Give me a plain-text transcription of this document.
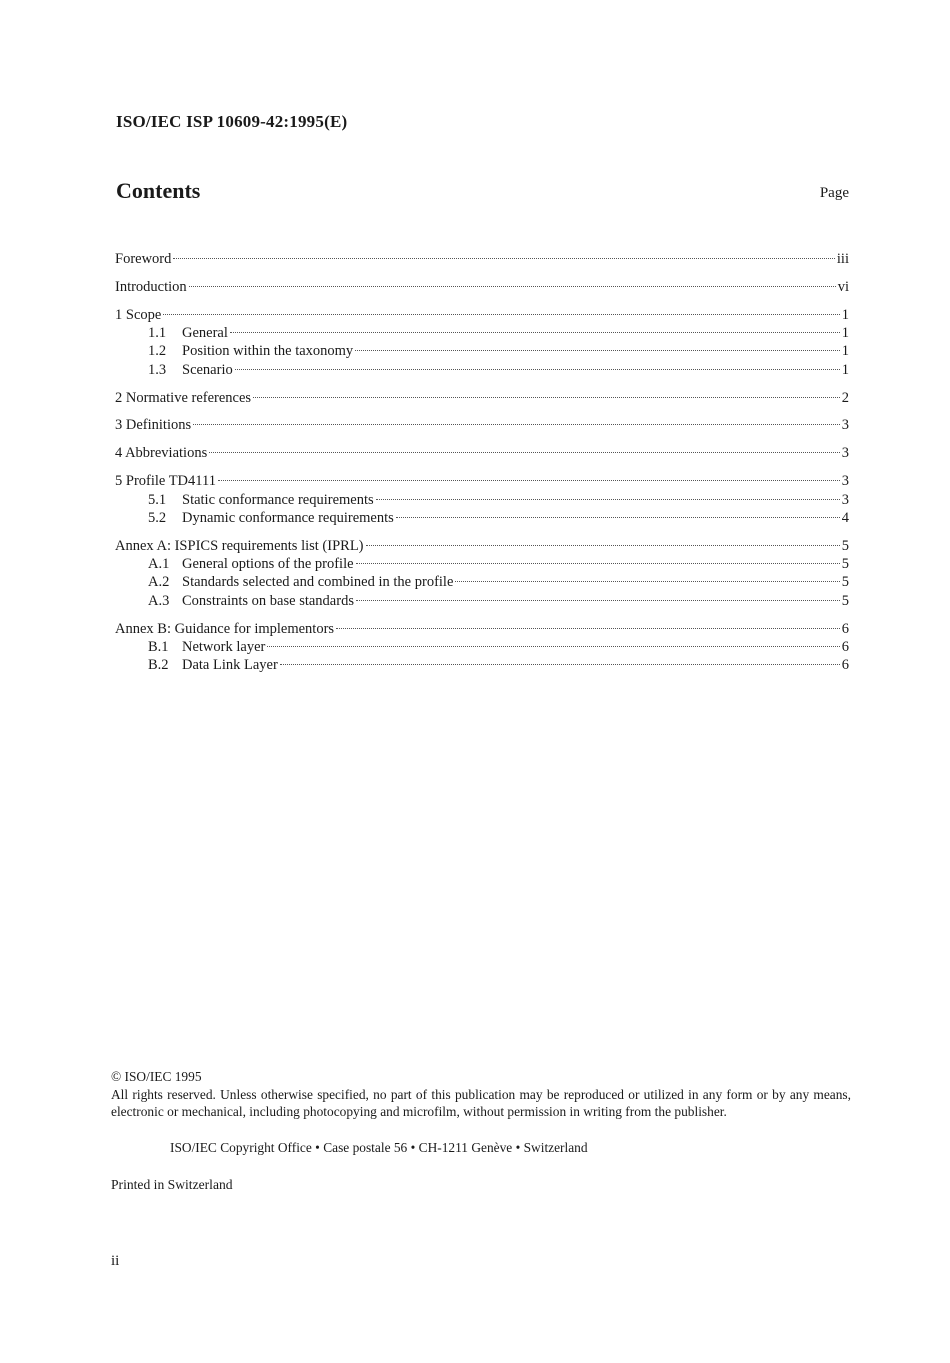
ISO/IEC ISP 10609-42:1995(E)
Contents	Page
Foreword	iii
Introduction	vi
1 Scope	1
1.1	General	1
1.2	Position within the taxonomy	1
1.3	Scenario	1
2 Normative references	2
3 Definitions	3
4 Abbreviations	3
5 Profile TD4111	3
5.1	Static conformance requirements	3
5.2	Dynamic conformance requirements	4
Annex A: ISPICS requirements list (IPRL)	5
A.1 General options of the profile	5
A.2 Standards selected and combined in the profile	5
A.3 Constraints on base standards	5
Annex B: Guidance for implementors	6
B.1 Network layer	6
B.2 Data Link Layer	6
© ISO/IEC 1995
All rights reserved. Unless otherwise specified, no part of this publication may be reproduced or utilized in any form or by any means, electronic or mechanical, including photocopying and microfilm, without permission in writing from the publisher.
ISO/IEC Copyright Office • Case postale 56 • CH-1211 Genève • Switzerland
Printed in Switzerland
ii
